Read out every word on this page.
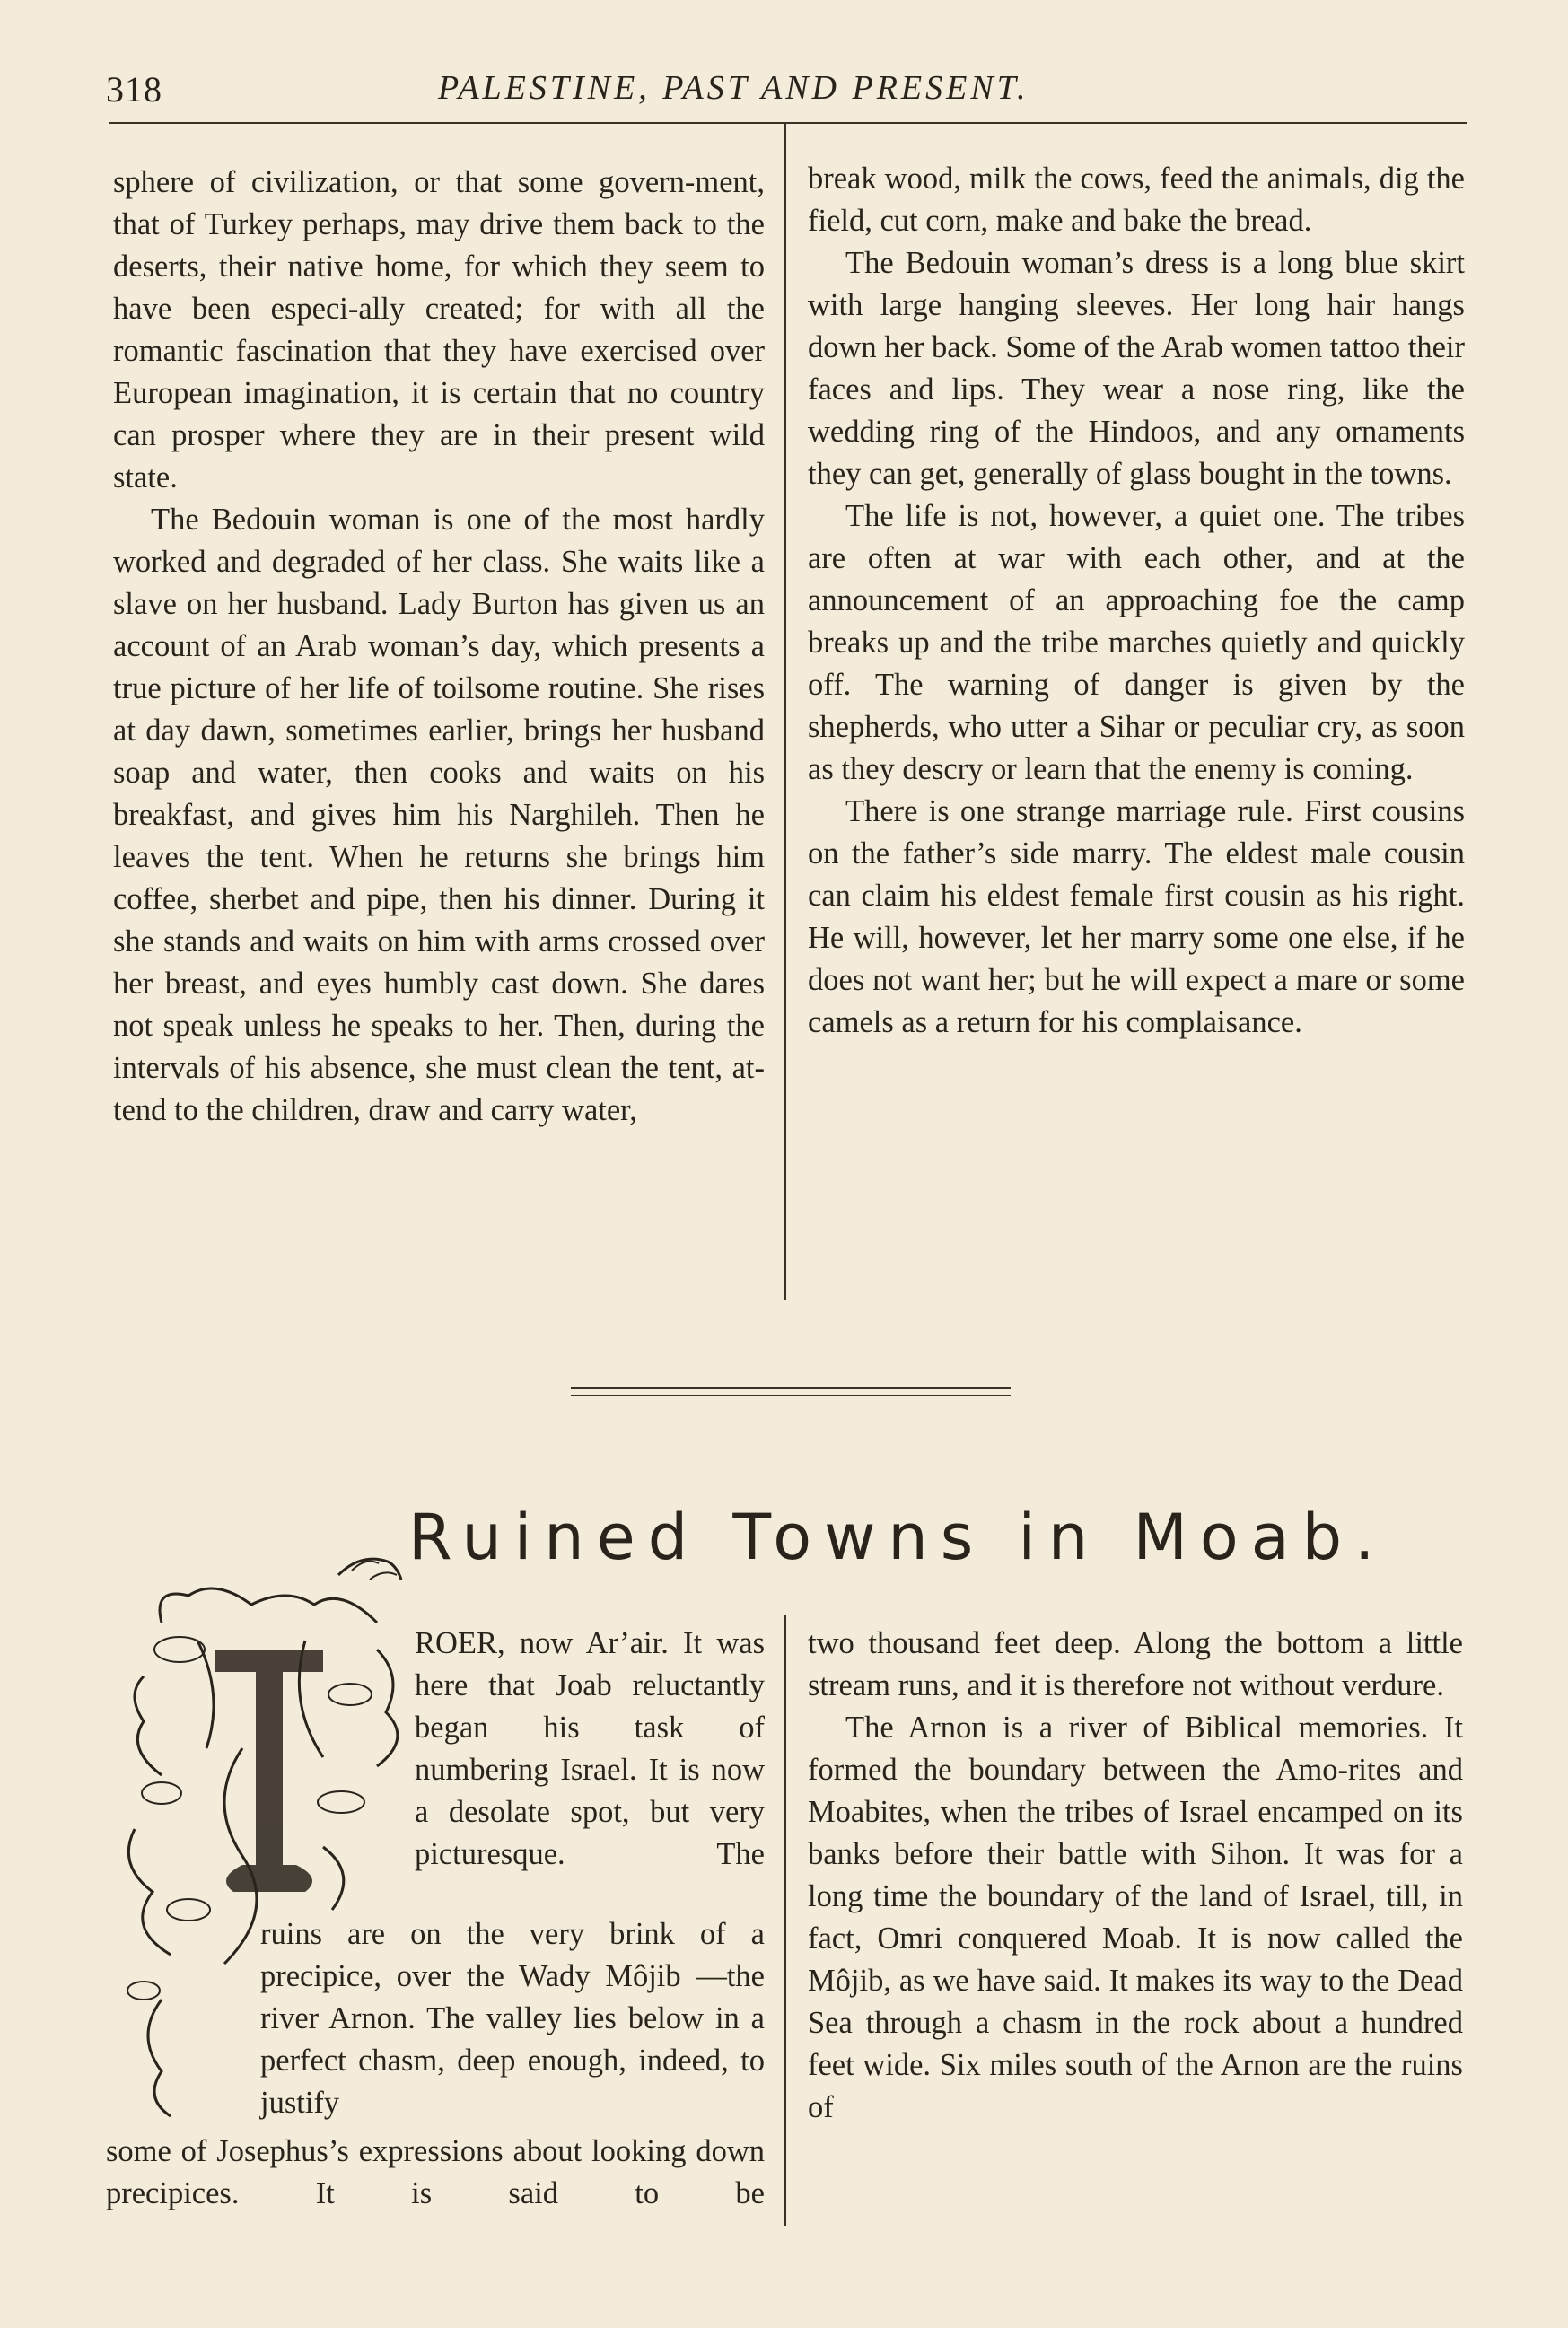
318	PALESTINE, PAST AND PRESENT.

sphere of civilization, or that some govern-ment, that of Turkey perhaps, may drive them back to the deserts, their native home, for which they seem to have been especi-ally created; for with all the romantic fascination that they have exercised over European imagination, it is certain that no country can prosper where they are in their present wild state.

The Bedouin woman is one of the most hardly worked and degraded of her class. She waits like a slave on her husband. Lady Burton has given us an account of an Arab woman’s day, which presents a true picture of her life of toilsome routine. She rises at day dawn, sometimes earlier, brings her husband soap and water, then cooks and waits on his breakfast, and gives him his Narghileh. Then he leaves the tent. When he returns she brings him coffee, sherbet and pipe, then his dinner. During it she stands and waits on him with arms crossed over her breast, and eyes humbly cast down. She dares not speak unless he speaks to her. Then, during the intervals of his absence, she must clean the tent, at-tend to the children, draw and carry water,

break wood, milk the cows, feed the animals, dig the field, cut corn, make and bake the bread.

The Bedouin woman’s dress is a long blue skirt with large hanging sleeves. Her long hair hangs down her back. Some of the Arab women tattoo their faces and lips. They wear a nose ring, like the wedding ring of the Hindoos, and any ornaments they can get, generally of glass bought in the towns.

The life is not, however, a quiet one. The tribes are often at war with each other, and at the announcement of an approaching foe the camp breaks up and the tribe marches quietly and quickly off. The warning of danger is given by the shepherds, who utter a Sihar or peculiar cry, as soon as they descry or learn that the enemy is coming.

There is one strange marriage rule. First cousins on the father’s side marry. The eldest male cousin can claim his eldest female first cousin as his right. He will, however, let her marry some one else, if he does not want her; but he will expect a mare or some camels as a return for his complaisance.

Ruined Towns in Moab.

ROER, now Ar’air. It was here that Joab reluctantly began his task of numbering Israel. It is now a desolate spot, but very picturesque. The

ruins are on the very brink of a precipice, over the Wady Môjib —the river Arnon. The valley lies below in a perfect chasm, deep enough, indeed, to justify

some of Josephus’s expressions about looking down precipices. It is said to be

two thousand feet deep. Along the bottom a little stream runs, and it is therefore not without verdure.

The Arnon is a river of Biblical memories. It formed the boundary between the Amo-rites and Moabites, when the tribes of Israel encamped on its banks before their battle with Sihon. It was for a long time the boundary of the land of Israel, till, in fact, Omri conquered Moab. It is now called the Môjib, as we have said. It makes its way to the Dead Sea through a chasm in the rock about a hundred feet wide. Six miles south of the Arnon are the ruins of
